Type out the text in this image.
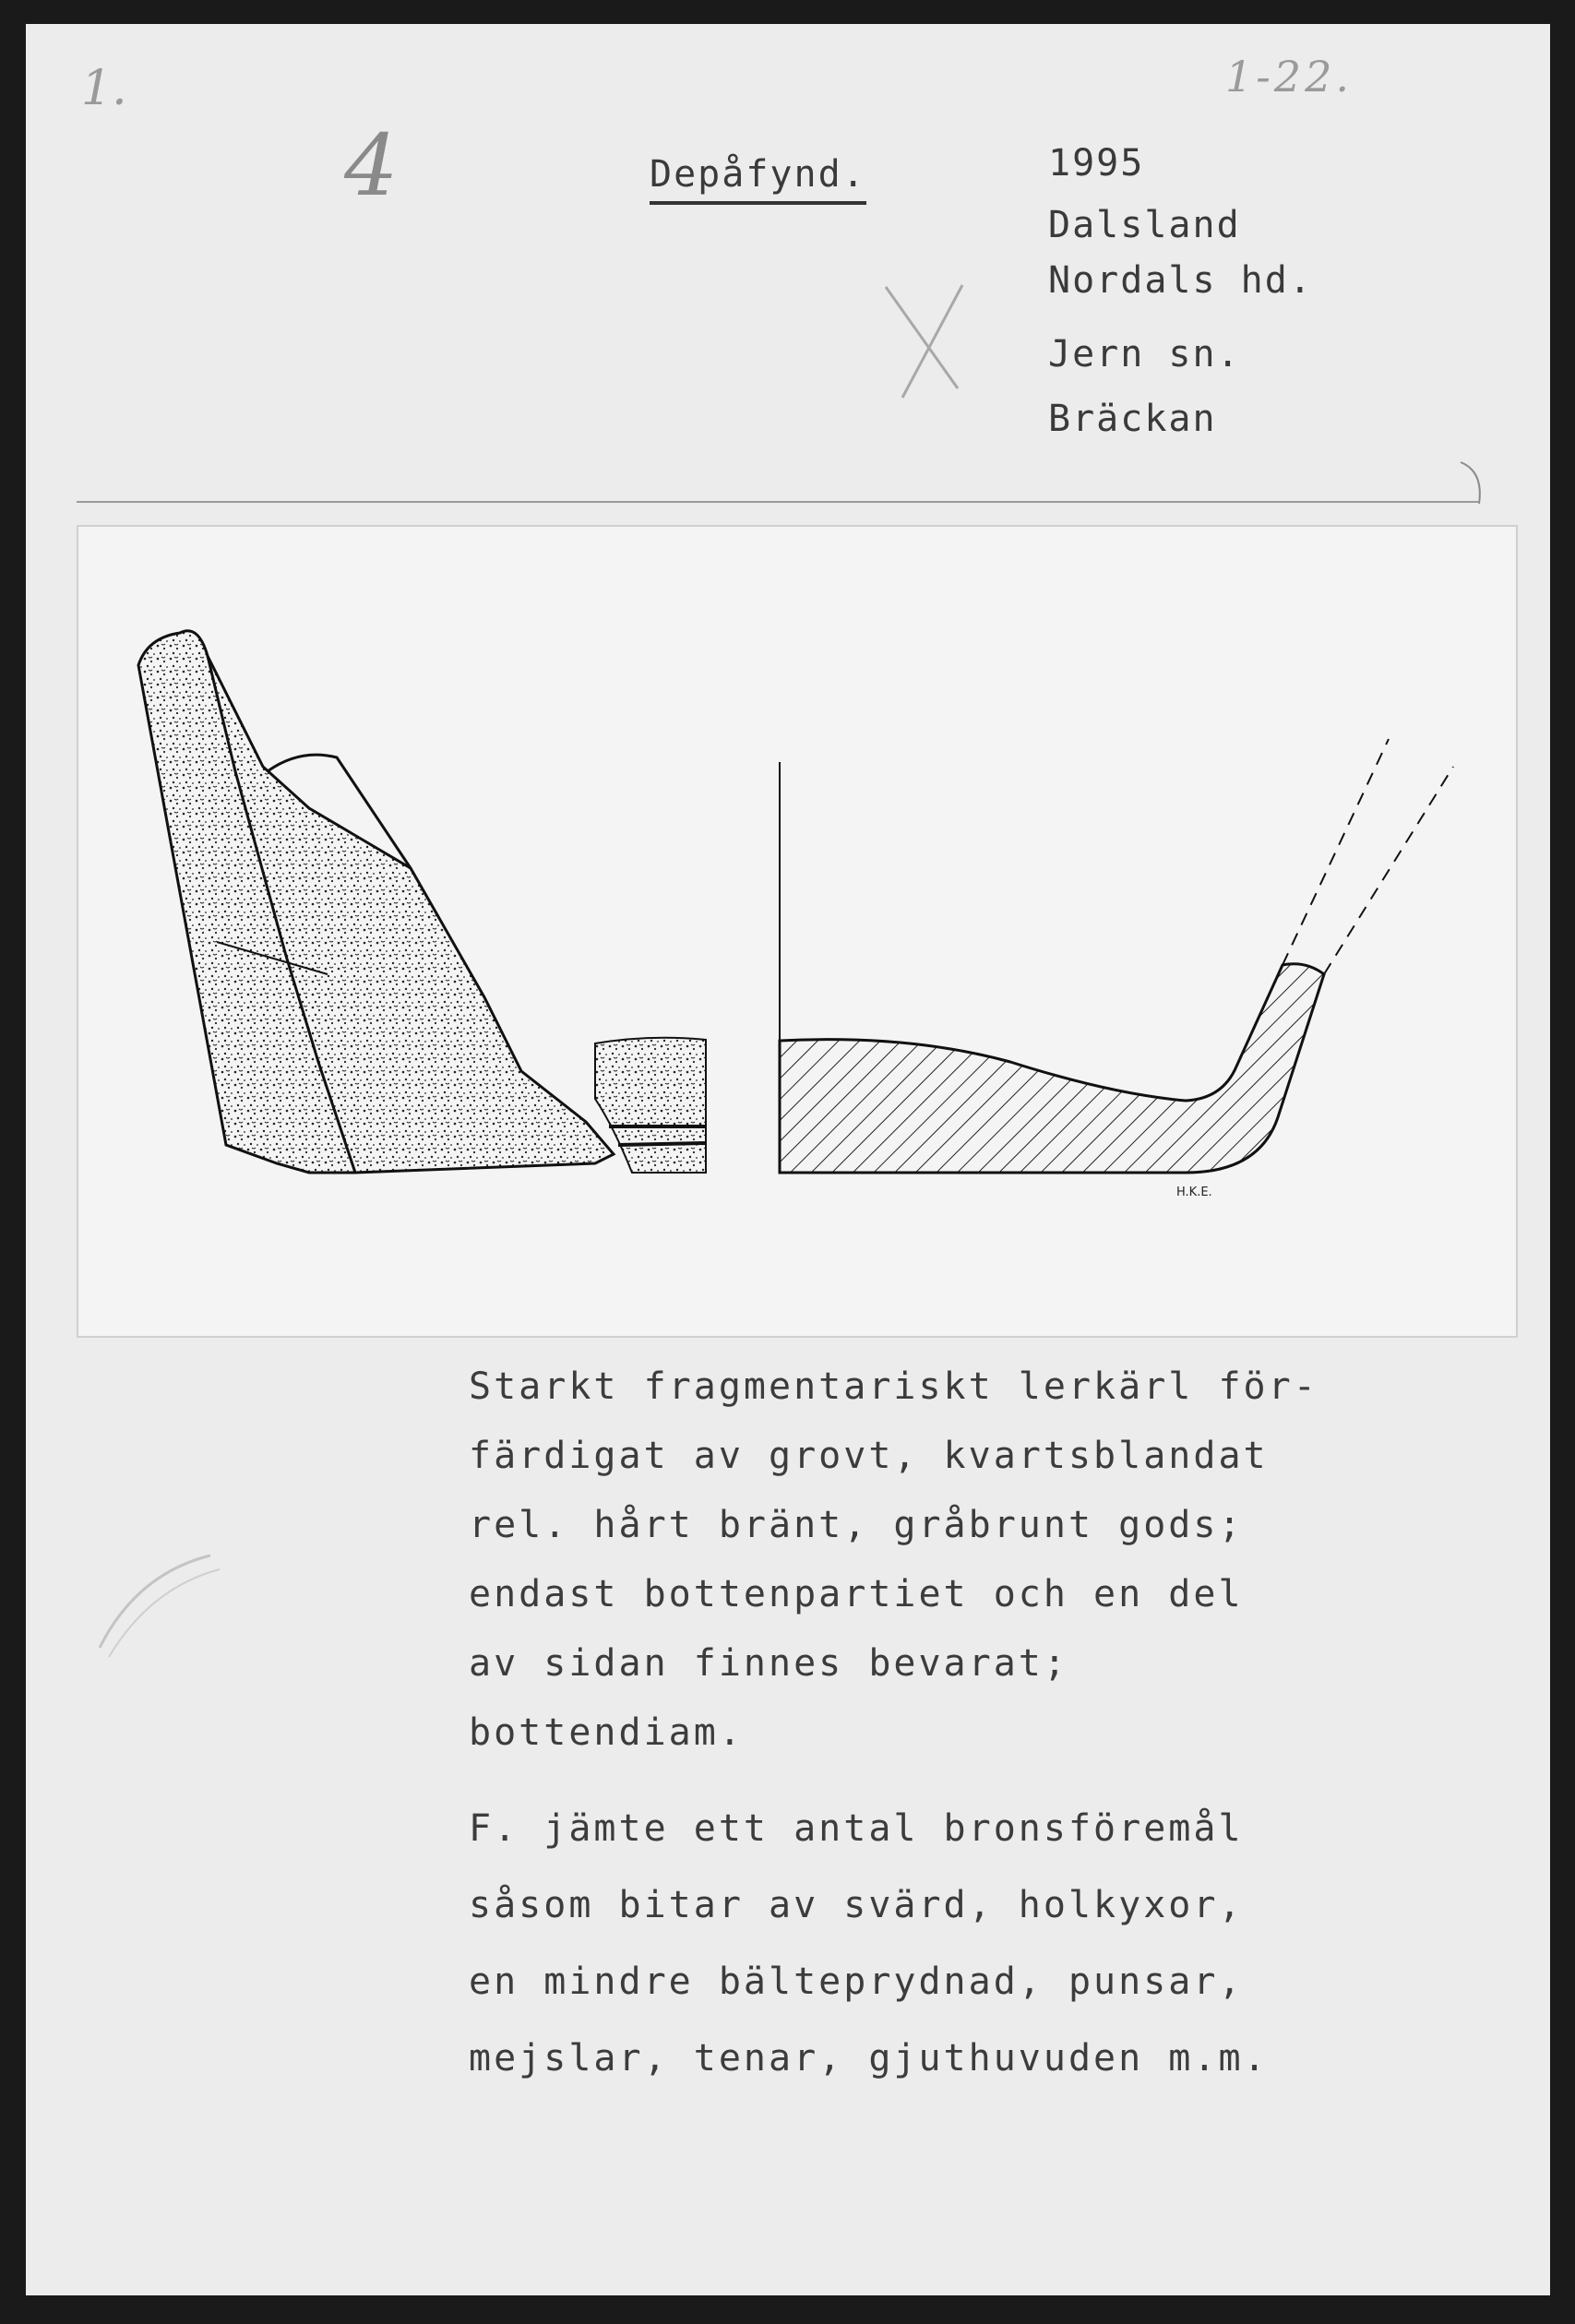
1.	1-22.
4	Depåfynd.	1995
Dalsland
Nordals hd.
Jern sn.
Bräckan
H.K.E.
Starkt fragmentariskt lerkärl för-
färdigat av grovt, kvartsblandat
rel. hårt bränt, gråbrunt gods;
endast bottenpartiet och en del
av sidan finnes bevarat;
bottendiam.
F. jämte ett antal bronsföremål
såsom bitar av svärd, holkyxor,
en mindre bälteprydnad, punsar,
mejslar, tenar, gjuthuvuden m.m.
